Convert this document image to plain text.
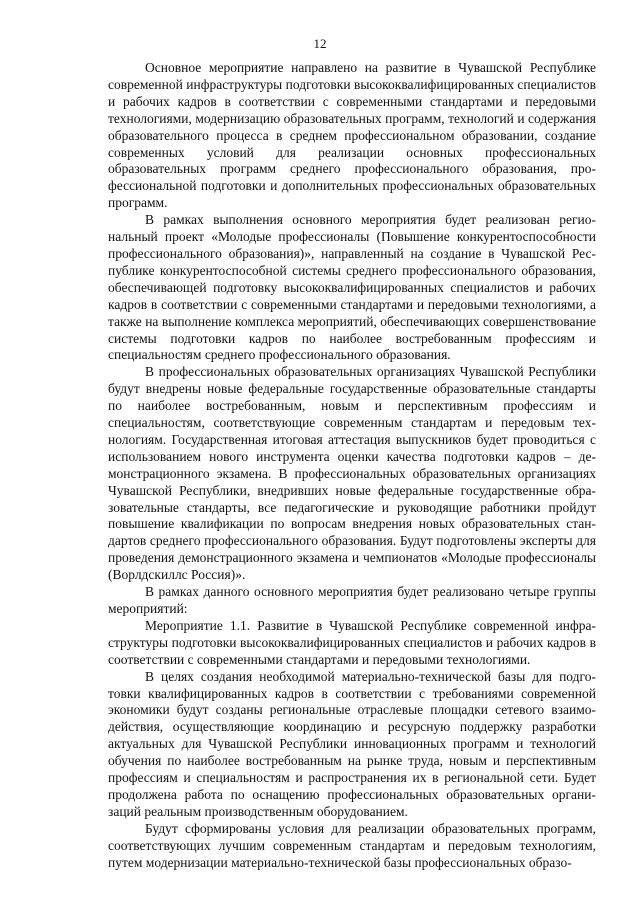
12

Основное мероприятие направлено на развитие в Чувашской Республике современной инфраструктуры подготовки высококвалифицированных специалистов и рабочих кадров в соответствии с современными стандартами и передовыми технологиями, модернизацию образовательных программ, технологий и содержания образовательного процесса в среднем профессиональном образовании, создание современных условий для реализации основных профессиональных образовательных программ среднего профессионального образования, профессиональной подготовки и дополнительных профессиональных образовательных программ.

В рамках выполнения основного мероприятия будет реализован региональный проект «Молодые профессионалы (Повышение конкурентоспособности профессионального образования)», направленный на создание в Чувашской Республике конкурентоспособной системы среднего профессионального образования, обеспечивающей подготовку высококвалифицированных специалистов и рабочих кадров в соответствии с современными стандартами и передовыми технологиями, а также на выполнение комплекса мероприятий, обеспечивающих совершенствование системы подготовки кадров по наиболее востребованным профессиям и специальностям среднего профессионального образования.

В профессиональных образовательных организациях Чувашской Республики будут внедрены новые федеральные государственные образовательные стандарты по наиболее востребованным, новым и перспективным профессиям и специальностям, соответствующие современным стандартам и передовым технологиям. Государственная итоговая аттестация выпускников будет проводиться с использованием нового инструмента оценки качества подготовки кадров – демонстрационного экзамена. В профессиональных образовательных организациях Чувашской Республики, внедривших новые федеральные государственные образовательные стандарты, все педагогические и руководящие работники пройдут повышение квалификации по вопросам внедрения новых образовательных стандартов среднего профессионального образования. Будут подготовлены эксперты для проведения демонстрационного экзамена и чемпионатов «Молодые профессионалы (Ворлдскиллс Россия)».

В рамках данного основного мероприятия будет реализовано четыре группы мероприятий:

Мероприятие 1.1. Развитие в Чувашской Республике современной инфраструктуры подготовки высококвалифицированных специалистов и рабочих кадров в соответствии с современными стандартами и передовыми технологиями.

В целях создания необходимой материально-технической базы для подготовки квалифицированных кадров в соответствии с требованиями современной экономики будут созданы региональные отраслевые площадки сетевого взаимодействия, осуществляющие координацию и ресурсную поддержку разработки актуальных для Чувашской Республики инновационных программ и технологий обучения по наиболее востребованным на рынке труда, новым и перспективным профессиям и специальностям и распространения их в региональной сети. Будет продолжена работа по оснащению профессиональных образовательных организаций реальным производственным оборудованием.

Будут сформированы условия для реализации образовательных программ, соответствующих лучшим современным стандартам и передовым технологиям, путем модернизации материально-технической базы профессиональных образо-
